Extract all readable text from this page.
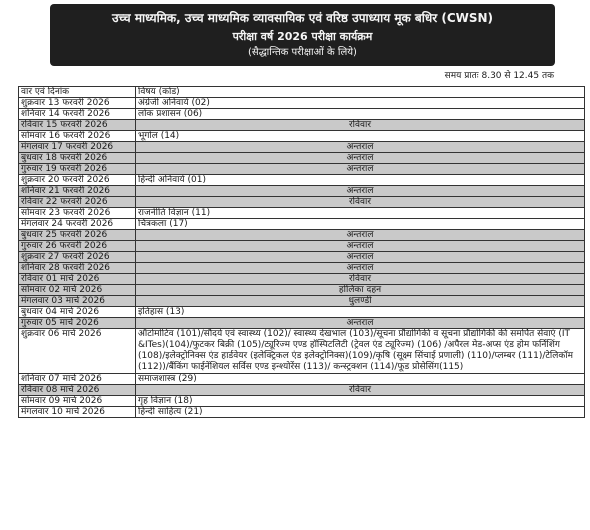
उच्च माध्यमिक, उच्च माध्यमिक व्यावसायिक एवं वरिष्ठ उपाध्याय मूक बधिर (CWSN)
परीक्षा वर्ष 2026 परीक्षा कार्यक्रम
(सैद्धान्तिक परीक्षाओं के लिये)
समय प्रातः 8.30 से 12.45 तक
वार एवं दिनांक	विषय (कोड)
शुक्रवार 13 फरवरी 2026	अंग्रेजी अनिवार्य (02)
शनिवार 14 फरवरी 2026	लोक प्रशासन (06)
रविवार 15 फरवरी 2026	रविवार
सोमवार 16 फरवरी 2026	भूगोल (14)
मंगलवार 17 फरवरी 2026	अन्तराल
बुधवार 18 फरवरी 2026	अन्तराल
गुरुवार 19 फरवरी 2026	अन्तराल
शुक्रवार 20 फरवरी 2026	हिन्दी अनिवार्य (01)
शनिवार 21 फरवरी 2026	अन्तराल
रविवार 22 फरवरी 2026	रविवार
सोमवार 23 फरवरी 2026	राजनीति विज्ञान (11)
मंगलवार 24 फरवरी 2026	चित्रकला (17)
बुधवार 25 फरवरी 2026	अन्तराल
गुरुवार 26 फरवरी 2026	अन्तराल
शुक्रवार 27 फरवरी 2026	अन्तराल
शनिवार 28 फरवरी 2026	अन्तराल
रविवार 01 मार्च 2026	रविवार
सोमवार 02 मार्च 2026	होलिका दहन
मंगलवार 03 मार्च 2026	धुलण्डी
बुधवार 04 मार्च 2026	इतिहास (13)
गुरुवार 05 मार्च 2026	अन्तराल
शुक्रवार 06 मार्च 2026	ऑटोमोटिव (101)/सौंदर्य एवं स्वास्थ्य (102)/ स्वास्थ्य देखभाल (103)/सूचना प्रौद्योगिकी व सूचना प्रौद्योगिकी की समर्पित सेवाएं (IT &ITes)(104)/फुटकर बिक्री (105)/ट्यूरिज्म एण्ड हॉस्पिटलिटी (ट्रेवल एंड ट्यूरिज्म) (106) /अपैरल मेड-अप्स एंड होम फर्निशिंग (108)/इलेक्ट्रोनिक्स एंड हार्डवेयर (इलेक्ट्रिकल एंड इलेक्ट्रोनिक्स)(109)/कृषि (सूक्ष्म सिंचाई प्रणाली) (110)/प्लम्बर (111)/टेलिकॉम (112))/बैंकिंग फाईनेंशियल सर्विस एण्ड इन्श्योरेंस (113)/ कन्स्ट्रक्शन (114)/फूड प्रोसेसिंग(115)
शनिवार 07 मार्च 2026	समाजशास्त्र (29)
रविवार 08 मार्च 2026	रविवार
सोमवार 09 मार्च 2026	गृह विज्ञान (18)
मंगलवार 10 मार्च 2026	हिन्दी साहित्य (21)
